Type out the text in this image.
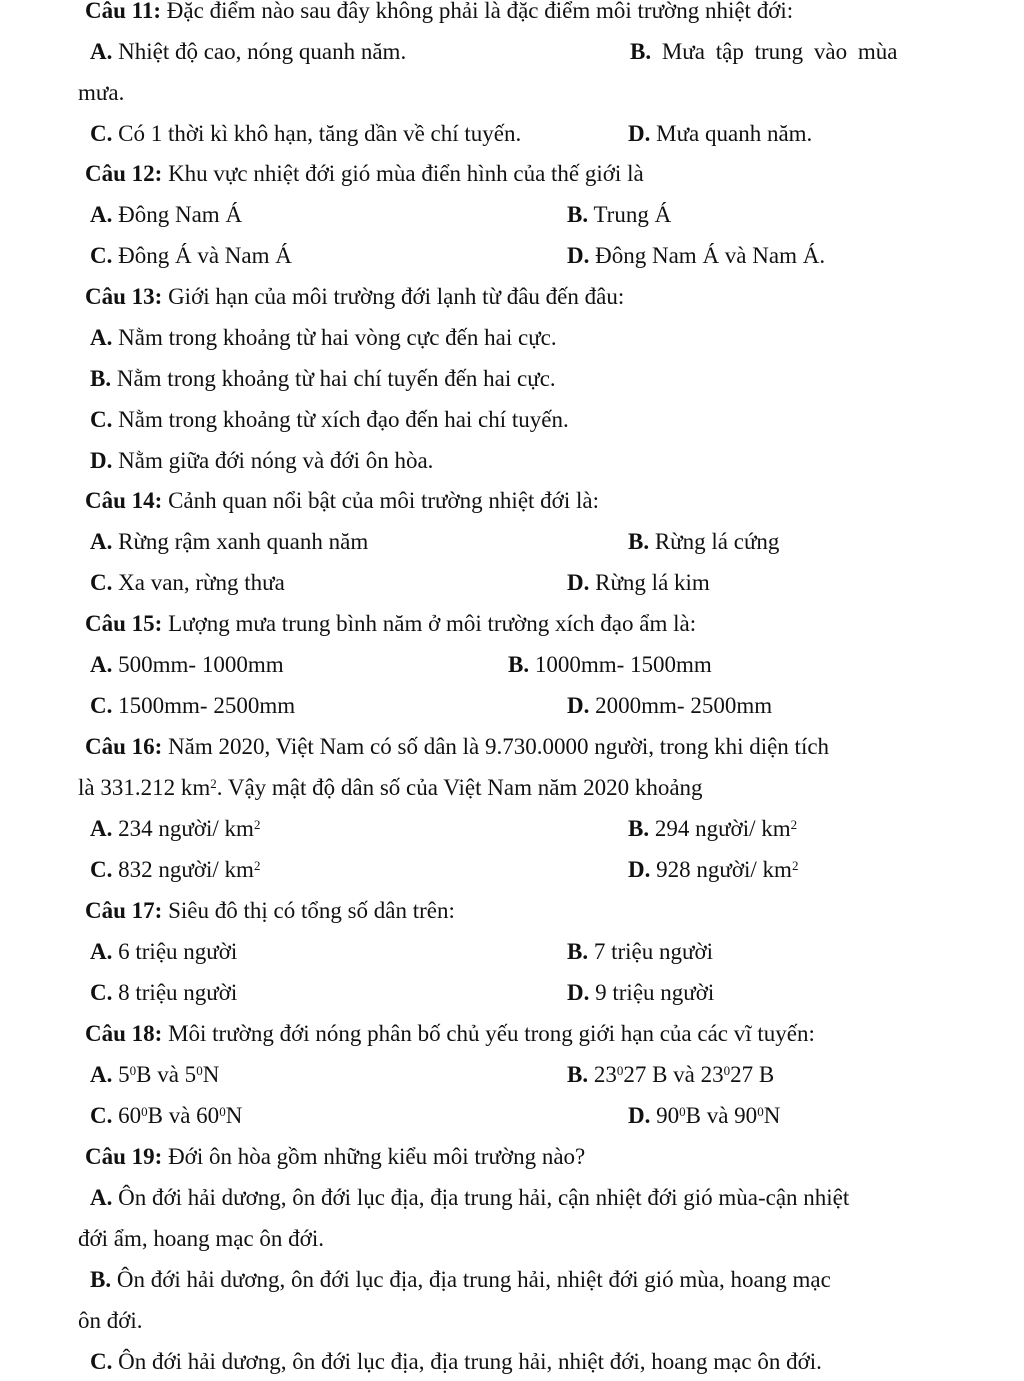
Câu 11: Đặc điểm nào sau đây không phải là đặc điểm môi trường nhiệt đới:
A. Nhiệt độ cao, nóng quanh năm.	B. Mưa tập trung vào mùa
mưa.
C. Có 1 thời kì khô hạn, tăng dần về chí tuyến.	D. Mưa quanh năm.
Câu 12: Khu vực nhiệt đới gió mùa điển hình của thế giới là
A. Đông Nam Á	B. Trung Á
C. Đông Á và Nam Á	D. Đông Nam Á và Nam Á.
Câu 13: Giới hạn của môi trường đới lạnh từ đâu đến đâu:
A. Nằm trong khoảng từ hai vòng cực đến hai cực.
B. Nằm trong khoảng từ hai chí tuyến đến hai cực.
C. Nằm trong khoảng từ xích đạo đến hai chí tuyến.
D. Nằm giữa đới nóng và đới ôn hòa.
Câu 14: Cảnh quan nổi bật của môi trường nhiệt đới là:
A. Rừng rậm xanh quanh năm	B. Rừng lá cứng
C. Xa van, rừng thưa	D. Rừng lá kim
Câu 15: Lượng mưa trung bình năm ở môi trường xích đạo ẩm là:
A. 500mm- 1000mm	B. 1000mm- 1500mm
C. 1500mm- 2500mm	D. 2000mm- 2500mm
Câu 16: Năm 2020, Việt Nam có số dân là 9.730.0000 người, trong khi diện tích
là 331.212 $km^2$. Vậy mật độ dân số của Việt Nam năm 2020 khoảng
A. 234 người/ $km^2$	B. 294 người/ $km^2$
C. 832 người/ $km^2$	D. 928 người/ $km^2$
Câu 17: Siêu đô thị có tổng số dân trên:
A. 6 triệu người	B. 7 triệu người
C. 8 triệu người	D. 9 triệu người
Câu 18: Môi trường đới nóng phân bố chủ yếu trong giới hạn của các vĩ tuyến:
A. $5^0B$ và $5^0N$	B. $23^027$ B và $23^027$ B
C. $60^0B$ và $60^0N$	D. $90^0B$ và $90^0N$
Câu 19: Đới ôn hòa gồm những kiểu môi trường nào?
A. Ôn đới hải dương, ôn đới lục địa, địa trung hải, cận nhiệt đới gió mùa-cận nhiệt
đới ẩm, hoang mạc ôn đới.
B. Ôn đới hải dương, ôn đới lục địa, địa trung hải, nhiệt đới gió mùa, hoang mạc
ôn đới.
C. Ôn đới hải dương, ôn đới lục địa, địa trung hải, nhiệt đới, hoang mạc ôn đới.
